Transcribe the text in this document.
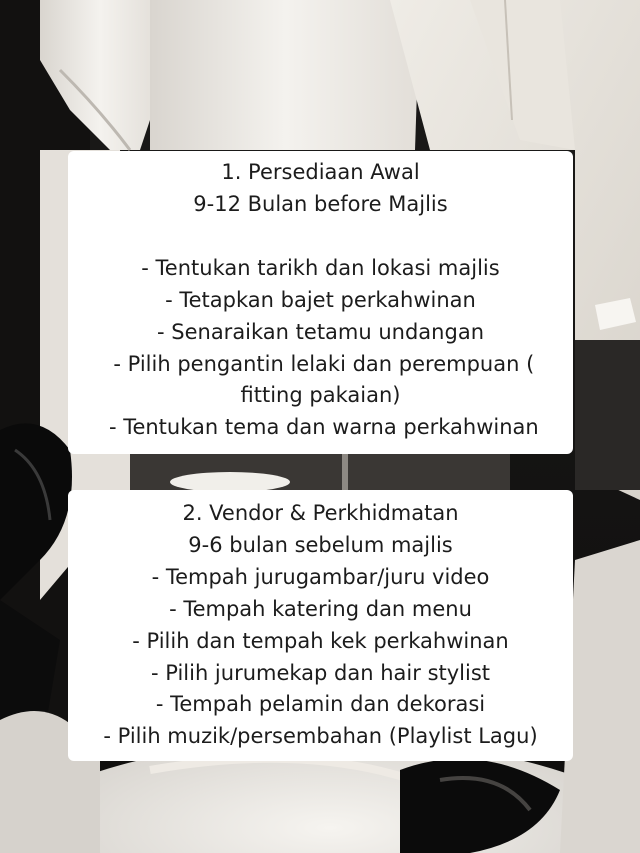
1. Persediaan Awal
9-12 Bulan before Majlis
- Tentukan tarikh dan lokasi majlis
- Tetapkan bajet perkahwinan
- Senaraikan tetamu undangan
- Pilih pengantin lelaki dan perempuan (
fitting pakaian)
- Tentukan tema dan warna perkahwinan
2. Vendor & Perkhidmatan
9-6 bulan sebelum majlis
- Tempah jurugambar/juru video
- Tempah katering dan menu
- Pilih dan tempah kek perkahwinan
- Pilih jurumekap dan hair stylist
- Tempah pelamin dan dekorasi
- Pilih muzik/persembahan (Playlist Lagu)
